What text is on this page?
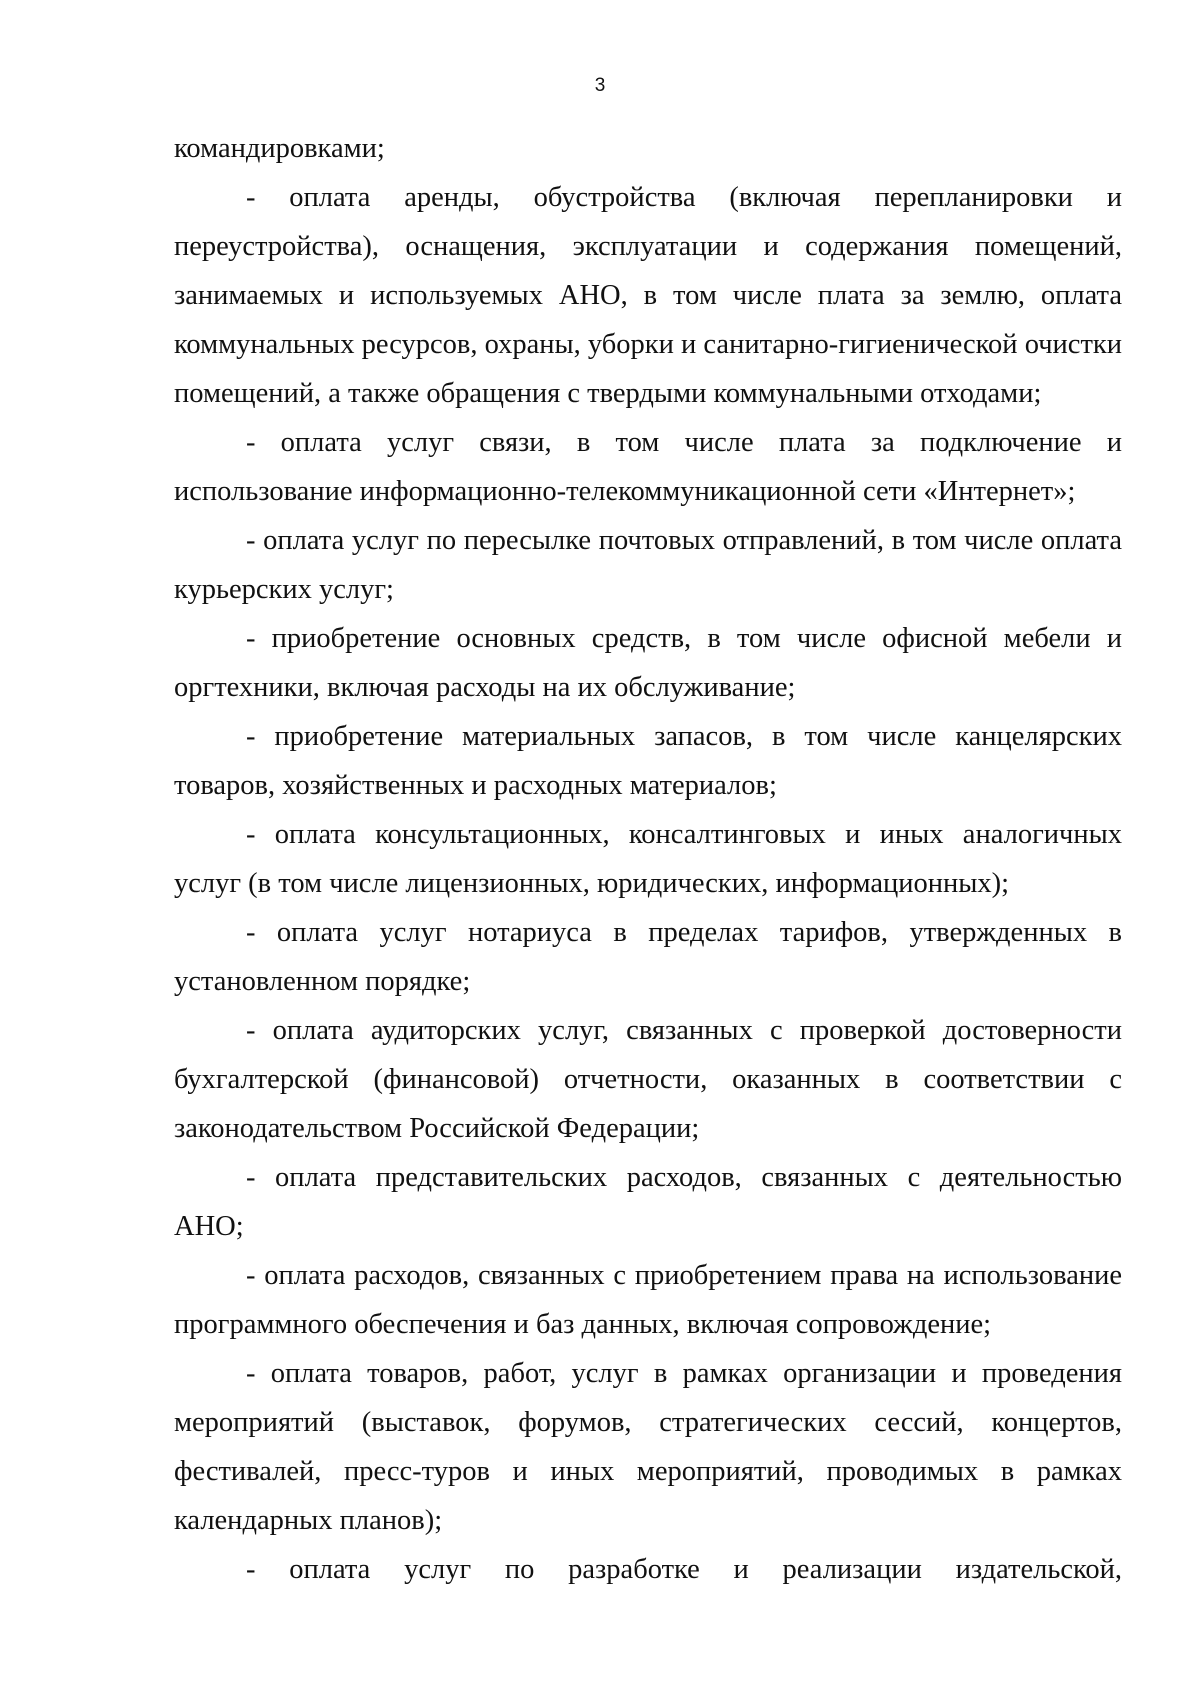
3

командировками;

- оплата аренды, обустройства (включая перепланировки и переустройства), оснащения, эксплуатации и содержания помещений, занимаемых и используемых АНО, в том числе плата за землю, оплата коммунальных ресурсов, охраны, уборки и санитарно-гигиенической очистки помещений, а также обращения с твердыми коммунальными отходами;

- оплата услуг связи, в том числе плата за подключение и использование информационно-телекоммуникационной сети «Интернет»;

- оплата услуг по пересылке почтовых отправлений, в том числе оплата курьерских услуг;

- приобретение основных средств, в том числе офисной мебели и оргтехники, включая расходы на их обслуживание;

- приобретение материальных запасов, в том числе канцелярских товаров, хозяйственных и расходных материалов;

- оплата консультационных, консалтинговых и иных аналогичных услуг (в том числе лицензионных, юридических, информационных);

- оплата услуг нотариуса в пределах тарифов, утвержденных в установленном порядке;

- оплата аудиторских услуг, связанных с проверкой достоверности бухгалтерской (финансовой) отчетности, оказанных в соответствии с законодательством Российской Федерации;

- оплата представительских расходов, связанных с деятельностью АНО;

- оплата расходов, связанных с приобретением права на использование программного обеспечения и баз данных, включая сопровождение;

- оплата товаров, работ, услуг в рамках организации и проведения мероприятий (выставок, форумов, стратегических сессий, концертов, фестивалей, пресс-туров и иных мероприятий, проводимых в рамках календарных планов);

- оплата услуг по разработке и реализации издательской,
